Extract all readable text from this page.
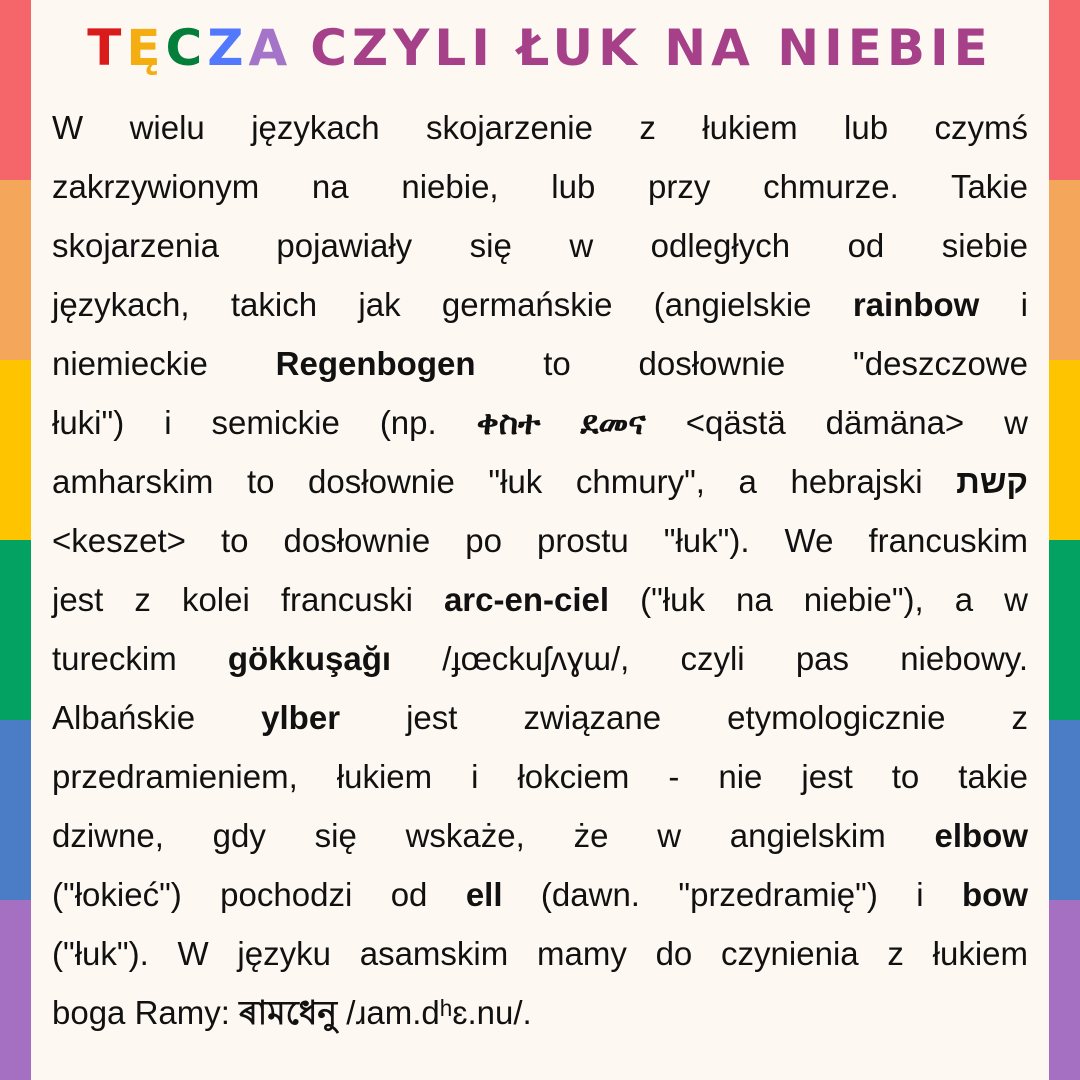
TĘCZA CZYLI ŁUK NA NIEBIE
W wielu językach skojarzenie z łukiem lub czymś
zakrzywionym na niebie, lub przy chmurze. Takie
skojarzenia pojawiały się w odległych od siebie
językach, takich jak germańskie (angielskie rainbow i
niemieckie Regenbogen to dosłownie "deszczowe
łuki") i semickie (np. ቀስተ ደመና <qästä dämäna> w
amharskim to dosłownie "łuk chmury", a hebrajski קשת
<keszet> to dosłownie po prostu "łuk"). We francuskim
jest z kolei francuski arc-en-ciel ("łuk na niebie"), a w
tureckim gökkuşağı /ɟœckuʃʌɣɯ/, czyli pas niebowy.
Albańskie ylber jest związane etymologicznie z
przedramieniem, łukiem i łokciem - nie jest to takie
dziwne, gdy się wskaże, że w angielskim elbow
("łokieć") pochodzi od ell (dawn. "przedramię") i bow
("łuk"). W języku asamskim mamy do czynienia z łukiem
boga Ramy: ৰামধেনু /ɹam.dʰɛ.nu/.
